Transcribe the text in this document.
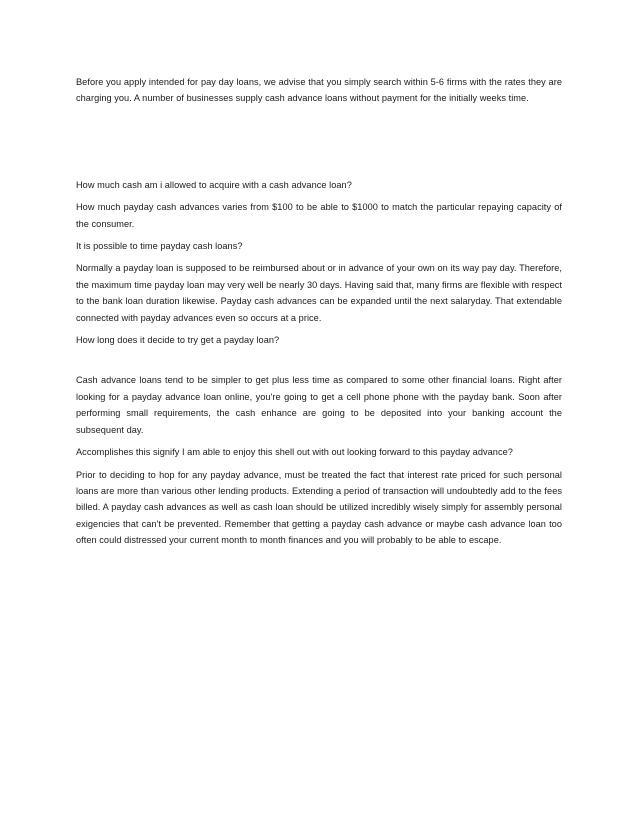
Before you apply intended for pay day loans, we advise that you simply search within 5-6 firms with the rates they are charging you. A number of businesses supply cash advance loans without payment for the initially weeks time.

How much cash am i allowed to acquire with a cash advance loan?

How much payday cash advances varies from $100 to be able to $1000 to match the particular repaying capacity of the consumer.

It is possible to time payday cash loans?

Normally a payday loan is supposed to be reimbursed about or in advance of your own on its way pay day. Therefore, the maximum time payday loan may very well be nearly 30 days. Having said that, many firms are flexible with respect to the bank loan duration likewise. Payday cash advances can be expanded until the next salaryday. That extendable connected with payday advances even so occurs at a price.

How long does it decide to try get a payday loan?

Cash advance loans tend to be simpler to get plus less time as compared to some other financial loans. Right after looking for a payday advance loan online, you're going to get a cell phone phone with the payday bank. Soon after performing small requirements, the cash enhance are going to be deposited into your banking account the subsequent day.

Accomplishes this signify I am able to enjoy this shell out with out looking forward to this payday advance?

Prior to deciding to hop for any payday advance, must be treated the fact that interest rate priced for such personal loans are more than various other lending products. Extending a period of transaction will undoubtedly add to the fees billed. A payday cash advances as well as cash loan should be utilized incredibly wisely simply for assembly personal exigencies that can't be prevented. Remember that getting a payday cash advance or maybe cash advance loan too often could distressed your current month to month finances and you will probably to be able to escape.
